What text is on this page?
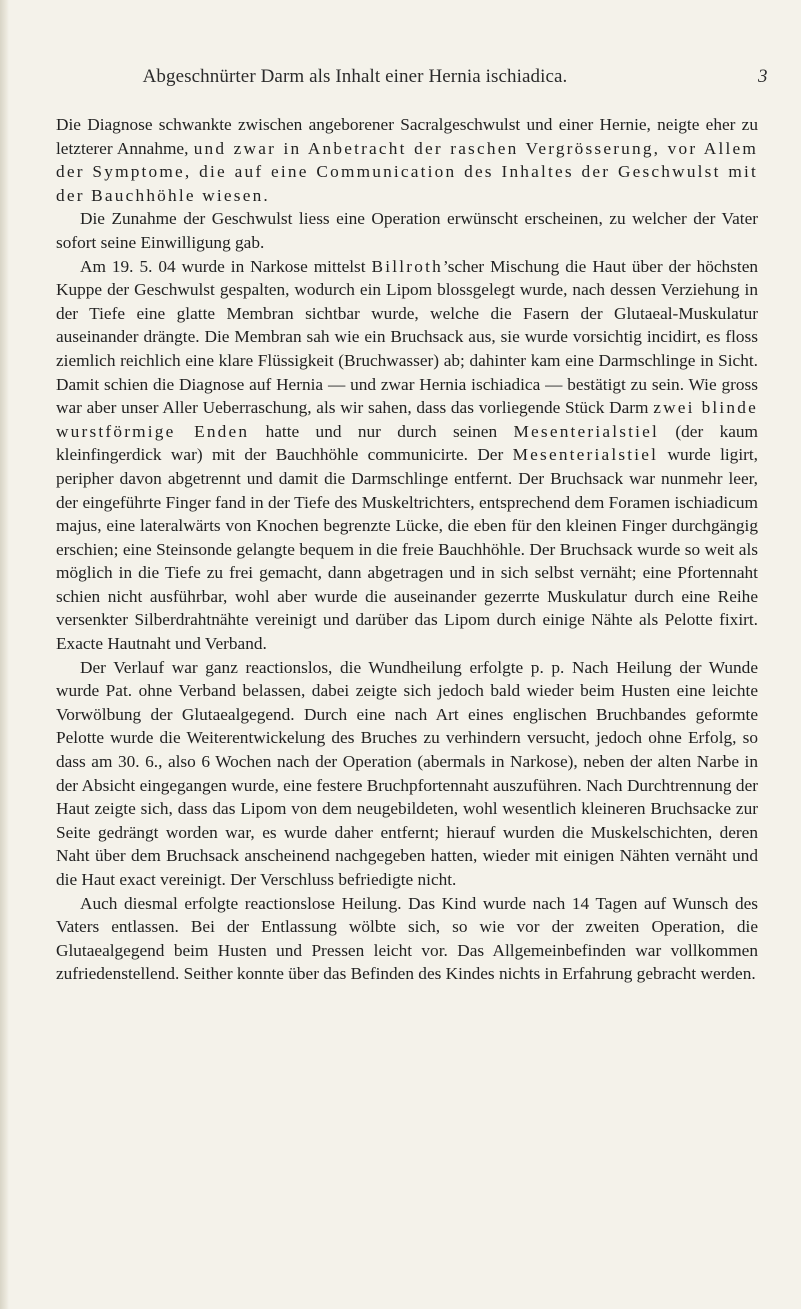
Abgeschnürter Darm als Inhalt einer Hernia ischiadica.	3

Die Diagnose schwankte zwischen angeborener Sacralgeschwulst und einer Hernie, neigte eher zu letzterer Annahme, und zwar in Anbetracht der raschen Vergrösserung, vor Allem der Symptome, die auf eine Communication des Inhaltes der Geschwulst mit der Bauchhöhle wiesen.

Die Zunahme der Geschwulst liess eine Operation erwünscht erscheinen, zu welcher der Vater sofort seine Einwilligung gab.

Am 19. 5. 04 wurde in Narkose mittelst Billroth’scher Mischung die Haut über der höchsten Kuppe der Geschwulst gespalten, wodurch ein Lipom blossgelegt wurde, nach dessen Verziehung in der Tiefe eine glatte Membran sichtbar wurde, welche die Fasern der Glutaeal-Muskulatur auseinander drängte. Die Membran sah wie ein Bruchsack aus, sie wurde vorsichtig incidirt, es floss ziemlich reichlich eine klare Flüssigkeit (Bruchwasser) ab; dahinter kam eine Darmschlinge in Sicht. Damit schien die Diagnose auf Hernia — und zwar Hernia ischiadica — bestätigt zu sein. Wie gross war aber unser Aller Ueberraschung, als wir sahen, dass das vorliegende Stück Darm zwei blinde wurstförmige Enden hatte und nur durch seinen Mesenterialstiel (der kaum kleinfingerdick war) mit der Bauchhöhle communicirte. Der Mesenterialstiel wurde ligirt, peripher davon abgetrennt und damit die Darmschlinge entfernt. Der Bruchsack war nunmehr leer, der eingeführte Finger fand in der Tiefe des Muskeltrichters, entsprechend dem Foramen ischiadicum majus, eine lateralwärts von Knochen begrenzte Lücke, die eben für den kleinen Finger durchgängig erschien; eine Steinsonde gelangte bequem in die freie Bauchhöhle. Der Bruchsack wurde so weit als möglich in die Tiefe zu frei gemacht, dann abgetragen und in sich selbst vernäht; eine Pfortennaht schien nicht ausführbar, wohl aber wurde die auseinander gezerrte Muskulatur durch eine Reihe versenkter Silberdrahtnähte vereinigt und darüber das Lipom durch einige Nähte als Pelotte fixirt. Exacte Hautnaht und Verband.

Der Verlauf war ganz reactionslos, die Wundheilung erfolgte p. p. Nach Heilung der Wunde wurde Pat. ohne Verband belassen, dabei zeigte sich jedoch bald wieder beim Husten eine leichte Vorwölbung der Glutaealgegend. Durch eine nach Art eines englischen Bruchbandes geformte Pelotte wurde die Weiterentwickelung des Bruches zu verhindern versucht, jedoch ohne Erfolg, so dass am 30. 6., also 6 Wochen nach der Operation (abermals in Narkose), neben der alten Narbe in der Absicht eingegangen wurde, eine festere Bruchpfortennaht auszuführen. Nach Durchtrennung der Haut zeigte sich, dass das Lipom von dem neugebildeten, wohl wesentlich kleineren Bruchsacke zur Seite gedrängt worden war, es wurde daher entfernt; hierauf wurden die Muskelschichten, deren Naht über dem Bruchsack anscheinend nachgegeben hatten, wieder mit einigen Nähten vernäht und die Haut exact vereinigt. Der Verschluss befriedigte nicht.

Auch diesmal erfolgte reactionslose Heilung. Das Kind wurde nach 14 Tagen auf Wunsch des Vaters entlassen. Bei der Entlassung wölbte sich, so wie vor der zweiten Operation, die Glutaealgegend beim Husten und Pressen leicht vor. Das Allgemeinbefinden war vollkommen zufriedenstellend. Seither konnte über das Befinden des Kindes nichts in Erfahrung gebracht werden.
